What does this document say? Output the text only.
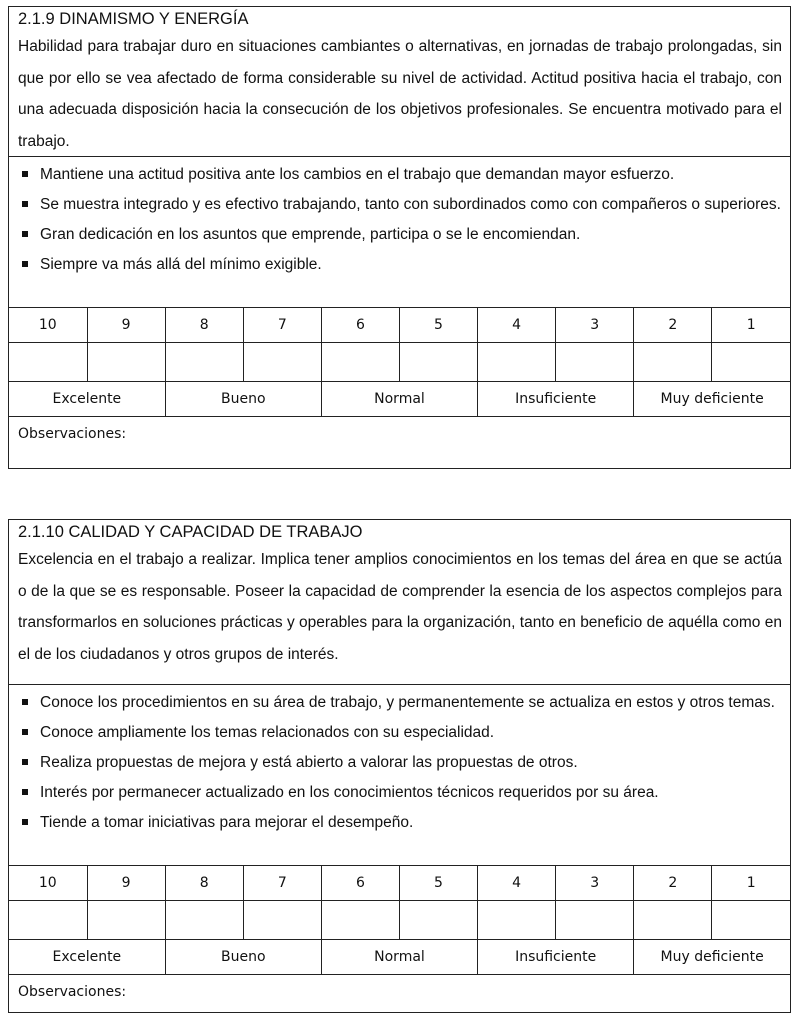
2.1.9 DINAMISMO Y ENERGÍA
Habilidad para trabajar duro en situaciones cambiantes o alternativas, en jornadas de trabajo prolongadas, sin que por ello se vea afectado de forma considerable su nivel de actividad. Actitud positiva hacia el trabajo, con una adecuada disposición hacia la consecución de los objetivos profesionales. Se encuentra motivado para el trabajo.
Mantiene una actitud positiva ante los cambios en el trabajo que demandan mayor esfuerzo.
Se muestra integrado y es efectivo trabajando, tanto con subordinados como con compañeros o superiores.
Gran dedicación en los asuntos que emprende, participa o se le encomiendan.
Siempre va más allá del mínimo exigible.
10	9	8	7	6	5	4	3	2	1

Excelente		Bueno		Normal		Insuficiente		Muy deficiente	
Observaciones:
2.1.10 CALIDAD Y CAPACIDAD DE TRABAJO
Excelencia en el trabajo a realizar. Implica tener amplios conocimientos en los temas del área en que se actúa o de la que se es responsable. Poseer la capacidad de comprender la esencia de los aspectos complejos para transformarlos en soluciones prácticas y operables para la organización, tanto en beneficio de aquélla como en el de los ciudadanos y otros grupos de interés.
Conoce los procedimientos en su área de trabajo, y permanentemente se actualiza en estos y otros temas.
Conoce ampliamente los temas relacionados con su especialidad.
Realiza propuestas de mejora y está abierto a valorar las propuestas de otros.
Interés por permanecer actualizado en los conocimientos técnicos requeridos por su área.
Tiende a tomar iniciativas para mejorar el desempeño.
10	9	8	7	6	5	4	3	2	1

Excelente		Bueno		Normal		Insuficiente		Muy deficiente	
Observaciones:
